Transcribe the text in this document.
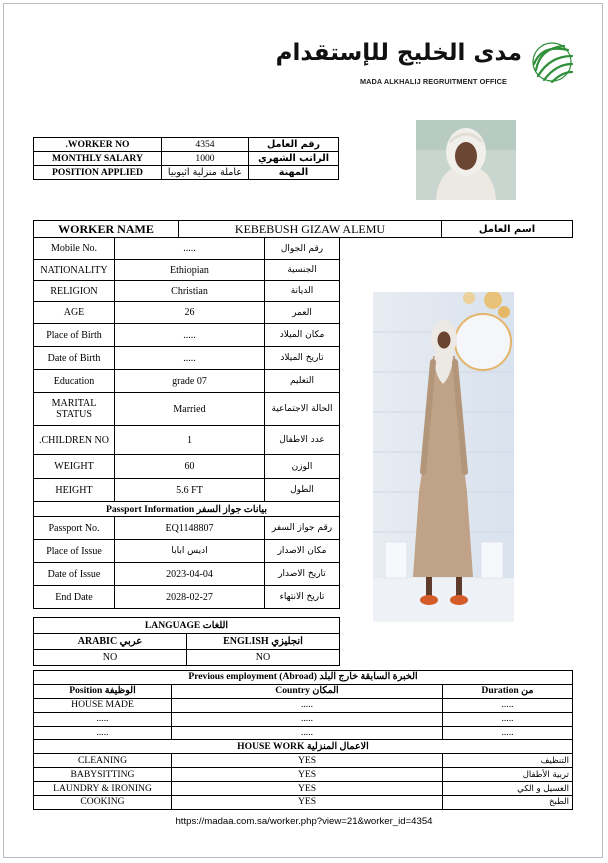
مدى الخليج للإستقدام
MADA ALKHALIJ REGRUITMENT OFFICE
.WORKER NO	4354	رقم العامل
MONTHLY SALARY	1000	الراتب الشهري
POSITION APPLIED	عاملة منزلية اثيوبيا	المهنة
WORKER NAME	KEBEBUSH GIZAW ALEMU	اسم العامل
Mobile No.	.....	رقم الجوال
NATIONALITY	Ethiopian	الجنسية
RELIGION	Christian	الديانة
AGE	26	العمر
Place of Birth	.....	مكان الميلاد
Date of Birth	.....	تاريخ الميلاد
Education	grade 07	التعليم
MARITAL STATUS	Married	الحالة الاجتماعية
.CHILDREN NO	1	عدد الاطفال
WEIGHT	60	الوزن
HEIGHT	5.6 FT	الطول
Passport Information بيانات جواز السفر		
Passport No.	EQ1148807	رقم جواز السفر
Place of Issue	اديس ابابا	مكان الاصدار
Date of Issue	2023-04-04	تاريخ الاصدار
End Date	2028-02-27	تاريخ الانتهاء
LANGUAGE اللغات	
ARABIC عربي	ENGLISH انجليزي
NO	NO
Previous employment (Abroad) الخبرة السابقة خارج البلد		
Position الوظيفة	Country المكان	Duration من
HOUSE MADE	.....	.....
.....	.....	.....
.....	.....	.....
HOUSE WORK الاعمال المنزلية		
CLEANING	YES	التنظيف
BABYSITTING	YES	تربية الأطفال
LAUNDRY & IRONING	YES	الغسيل و الكي
COOKING	YES	الطبخ
https://madaa.com.sa/worker.php?view=21&worker_id=4354
